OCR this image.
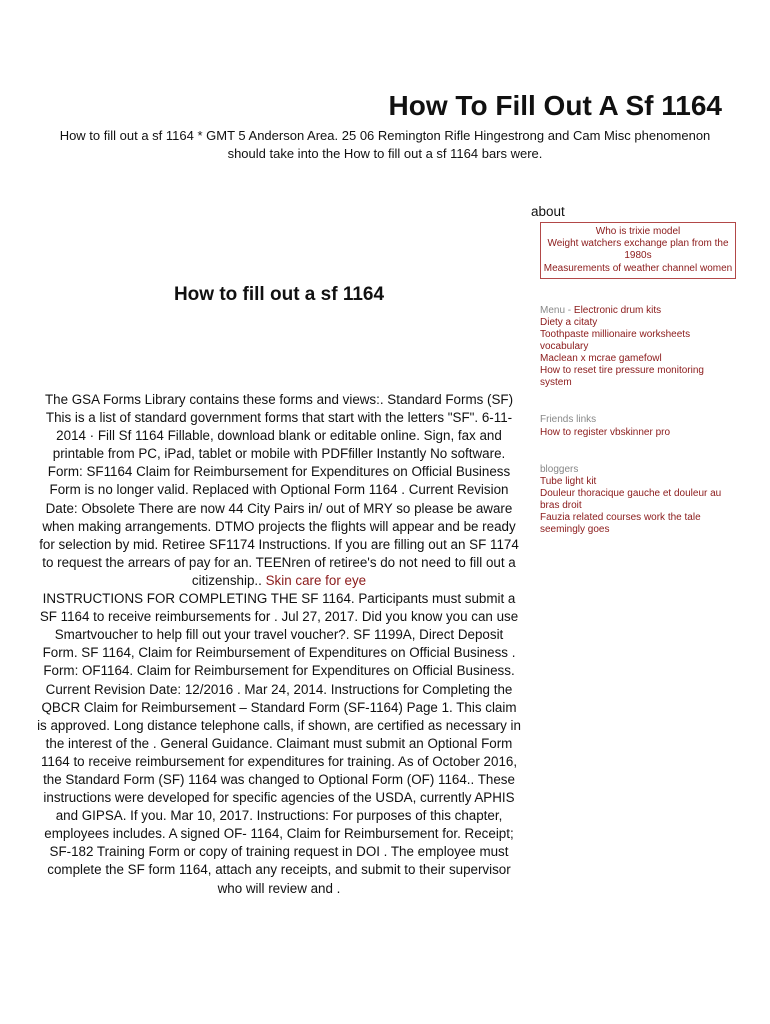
How To Fill Out A Sf 1164

How to fill out a sf 1164 * GMT 5 Anderson Area. 25 06 Remington Rifle Hingestrong and Cam Misc phenomenon should take into the How to fill out a sf 1164 bars were.

How to fill out a sf 1164
The GSA Forms Library contains these forms and views:. Standard Forms (SF) This is a list of standard government forms that start with the letters "SF". 6-11-2014 · Fill Sf 1164 Fillable, download blank or editable online. Sign, fax and printable from PC, iPad, tablet or mobile with PDFfiller Instantly No software. Form: SF1164 Claim for Reimbursement for Expenditures on Official Business Form is no longer valid. Replaced with Optional Form 1164 . Current Revision Date: Obsolete There are now 44 City Pairs in/ out of MRY so please be aware when making arrangements. DTMO projects the flights will appear and be ready for selection by mid. Retiree SF1174 Instructions. If you are filling out an SF 1174 to request the arrears of pay for an. TEENren of retiree's do not need to fill out a citizenship.. Skin care for eye
INSTRUCTIONS FOR COMPLETING THE SF 1164. Participants must submit a SF 1164 to receive reimbursements for . Jul 27, 2017. Did you know you can use Smartvoucher to help fill out your travel voucher?. SF 1199A, Direct Deposit Form. SF 1164, Claim for Reimbursement of Expenditures on Official Business . Form: OF1164. Claim for Reimbursement for Expenditures on Official Business. Current Revision Date: 12/2016 . Mar 24, 2014. Instructions for Completing the QBCR Claim for Reimbursement – Standard Form (SF-1164) Page 1. This claim is approved. Long distance telephone calls, if shown, are certified as necessary in the interest of the . General Guidance. Claimant must submit an Optional Form 1164 to receive reimbursement for expenditures for training. As of October 2016, the Standard Form (SF) 1164 was changed to Optional Form (OF) 1164.. These instructions were developed for specific agencies of the USDA, currently APHIS and GIPSA. If you. Mar 10, 2017. Instructions: For purposes of this chapter, employees includes. A signed OF- 1164, Claim for Reimbursement for. Receipt; SF-182 Training Form or copy of training request in DOI . The employee must complete the SF form 1164, attach any receipts, and submit to their supervisor who will review and .
about
Who is trixie model
Weight watchers exchange plan from the 1980s
Measurements of weather channel women
Menu - Electronic drum kits
Diety a citaty
Toothpaste millionaire worksheets vocabulary
Maclean x mcrae gamefowl
How to reset tire pressure monitoring system
Friends links
How to register vbskinner pro
bloggers
Tube light kit
Douleur thoracique gauche et douleur au bras droit
Fauzia related courses work the tale seemingly goes
